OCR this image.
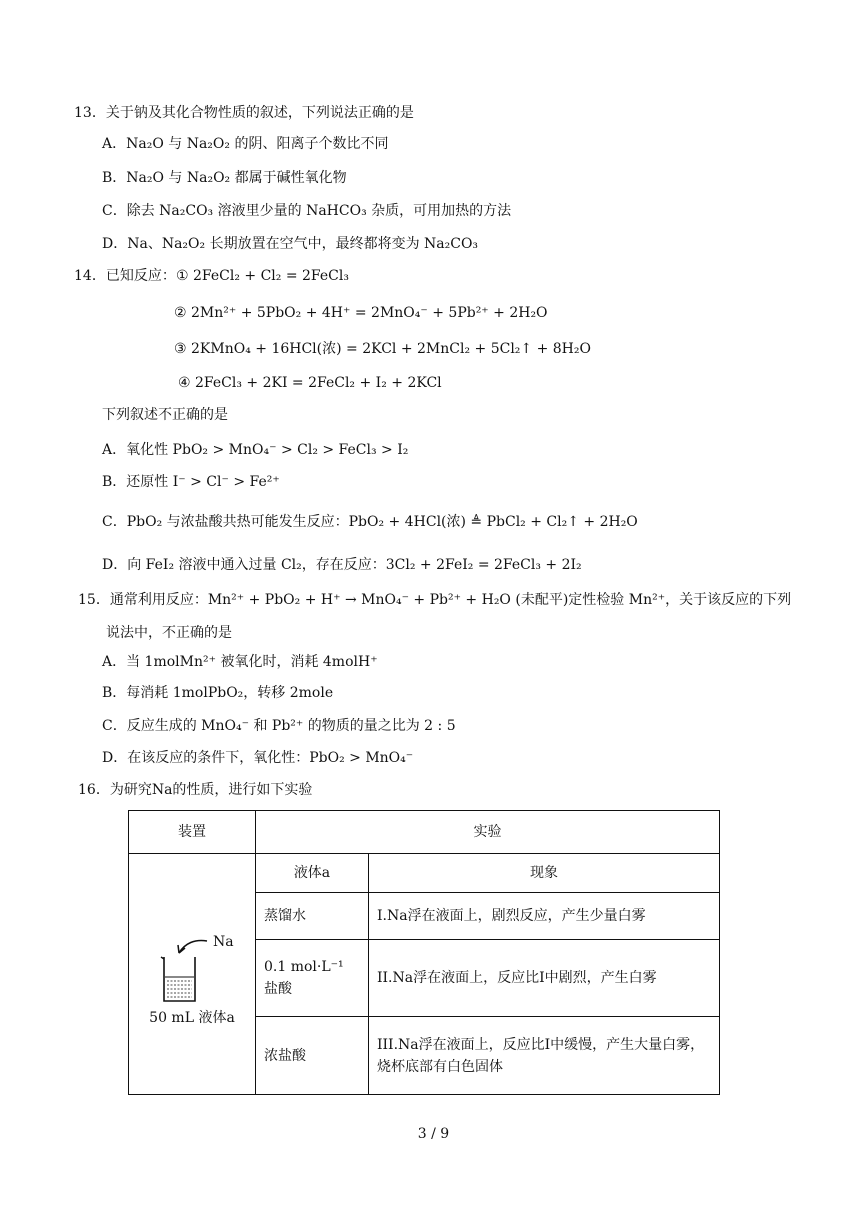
13．关于钠及其化合物性质的叙述，下列说法正确的是
A．Na₂O 与 Na₂O₂ 的阴、阳离子个数比不同
B．Na₂O 与 Na₂O₂ 都属于碱性氧化物
C．除去 Na₂CO₃ 溶液里少量的 NaHCO₃ 杂质，可用加热的方法
D．Na、Na₂O₂ 长期放置在空气中，最终都将变为 Na₂CO₃
14．已知反应： ① 2FeCl₂ + Cl₂ = 2FeCl₃
② 2Mn²⁺ + 5PbO₂ + 4H⁺ = 2MnO₄⁻ + 5Pb²⁺ + 2H₂O
③ 2KMnO₄ + 16HCl(浓) = 2KCl + 2MnCl₂ + 5Cl₂↑ + 8H₂O
④ 2FeCl₃ + 2KI = 2FeCl₂ + I₂ + 2KCl
下列叙述不正确的是
A．氧化性 PbO₂ > MnO₄⁻ > Cl₂ > FeCl₃ > I₂
B．还原性 I⁻ > Cl⁻ > Fe²⁺
C．PbO₂ 与浓盐酸共热可能发生反应：PbO₂ + 4HCl(浓) ≜ PbCl₂ + Cl₂↑ + 2H₂O
D．向 FeI₂ 溶液中通入过量 Cl₂，存在反应：3Cl₂ + 2FeI₂ = 2FeCl₃ + 2I₂
15．通常利用反应：Mn²⁺ + PbO₂ + H⁺ → MnO₄⁻ + Pb²⁺ + H₂O (未配平)定性检验 Mn²⁺，关于该反应的下列
说法中，不正确的是
A．当 1molMn²⁺ 被氧化时，消耗 4molH⁺
B．每消耗 1molPbO₂，转移 2mole
C．反应生成的 MnO₄⁻ 和 Pb²⁺ 的物质的量之比为 2 : 5
D．在该反应的条件下，氧化性：PbO₂ > MnO₄⁻
16．为研究Na的性质，进行如下实验
装置	实验	

Na
50 mL 液体a	液体a	现象
	蒸馏水	I.Na浮在液面上，剧烈反应，产生少量白雾
	0.1 mol·L⁻¹ 盐酸	II.Na浮在液面上，反应比I中剧烈，产生白雾
	浓盐酸	III.Na浮在液面上，反应比I中缓慢，产生大量白雾，烧杯底部有白色固体
3 / 9
